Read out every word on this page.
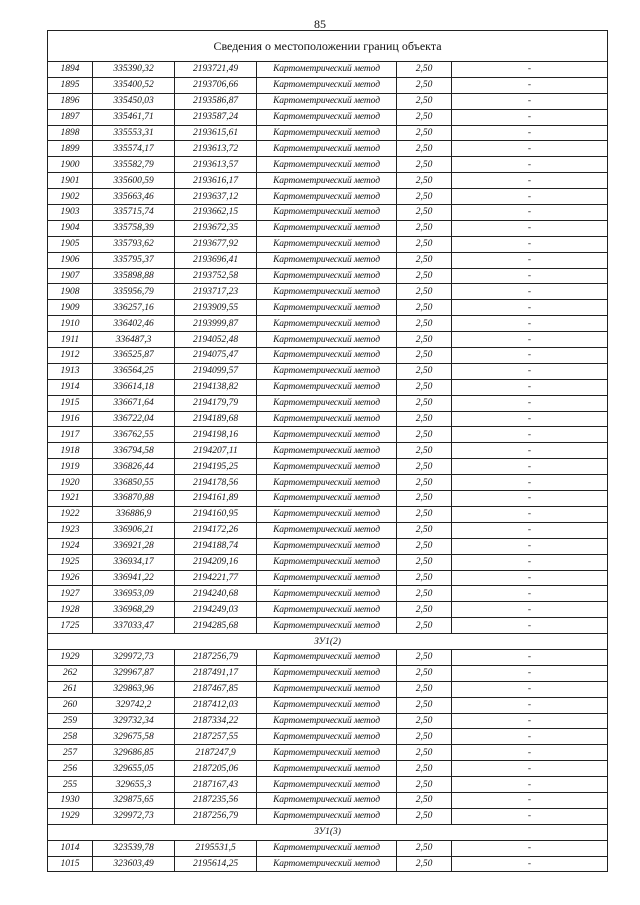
85
Сведения о местоположении границ объекта					
1894	335390,32	2193721,49	Картометрический метод	2,50	-
1895	335400,52	2193706,66	Картометрический метод	2,50	-
1896	335450,03	2193586,87	Картометрический метод	2,50	-
1897	335461,71	2193587,24	Картометрический метод	2,50	-
1898	335553,31	2193615,61	Картометрический метод	2,50	-
1899	335574,17	2193613,72	Картометрический метод	2,50	-
1900	335582,79	2193613,57	Картометрический метод	2,50	-
1901	335600,59	2193616,17	Картометрический метод	2,50	-
1902	335663,46	2193637,12	Картометрический метод	2,50	-
1903	335715,74	2193662,15	Картометрический метод	2,50	-
1904	335758,39	2193672,35	Картометрический метод	2,50	-
1905	335793,62	2193677,92	Картометрический метод	2,50	-
1906	335795,37	2193696,41	Картометрический метод	2,50	-
1907	335898,88	2193752,58	Картометрический метод	2,50	-
1908	335956,79	2193717,23	Картометрический метод	2,50	-
1909	336257,16	2193909,55	Картометрический метод	2,50	-
1910	336402,46	2193999,87	Картометрический метод	2,50	-
1911	336487,3	2194052,48	Картометрический метод	2,50	-
1912	336525,87	2194075,47	Картометрический метод	2,50	-
1913	336564,25	2194099,57	Картометрический метод	2,50	-
1914	336614,18	2194138,82	Картометрический метод	2,50	-
1915	336671,64	2194179,79	Картометрический метод	2,50	-
1916	336722,04	2194189,68	Картометрический метод	2,50	-
1917	336762,55	2194198,16	Картометрический метод	2,50	-
1918	336794,58	2194207,11	Картометрический метод	2,50	-
1919	336826,44	2194195,25	Картометрический метод	2,50	-
1920	336850,55	2194178,56	Картометрический метод	2,50	-
1921	336870,88	2194161,89	Картометрический метод	2,50	-
1922	336886,9	2194160,95	Картометрический метод	2,50	-
1923	336906,21	2194172,26	Картометрический метод	2,50	-
1924	336921,28	2194188,74	Картометрический метод	2,50	-
1925	336934,17	2194209,16	Картометрический метод	2,50	-
1926	336941,22	2194221,77	Картометрический метод	2,50	-
1927	336953,09	2194240,68	Картометрический метод	2,50	-
1928	336968,29	2194249,03	Картометрический метод	2,50	-
1725	337033,47	2194285,68	Картометрический метод	2,50	-
ЗУ1(2)					
1929	329972,73	2187256,79	Картометрический метод	2,50	-
262	329967,87	2187491,17	Картометрический метод	2,50	-
261	329863,96	2187467,85	Картометрический метод	2,50	-
260	329742,2	2187412,03	Картометрический метод	2,50	-
259	329732,34	2187334,22	Картометрический метод	2,50	-
258	329675,58	2187257,55	Картометрический метод	2,50	-
257	329686,85	2187247,9	Картометрический метод	2,50	-
256	329655,05	2187205,06	Картометрический метод	2,50	-
255	329655,3	2187167,43	Картометрический метод	2,50	-
1930	329875,65	2187235,56	Картометрический метод	2,50	-
1929	329972,73	2187256,79	Картометрический метод	2,50	-
ЗУ1(3)					
1014	323539,78	2195531,5	Картометрический метод	2,50	-
1015	323603,49	2195614,25	Картометрический метод	2,50	-
